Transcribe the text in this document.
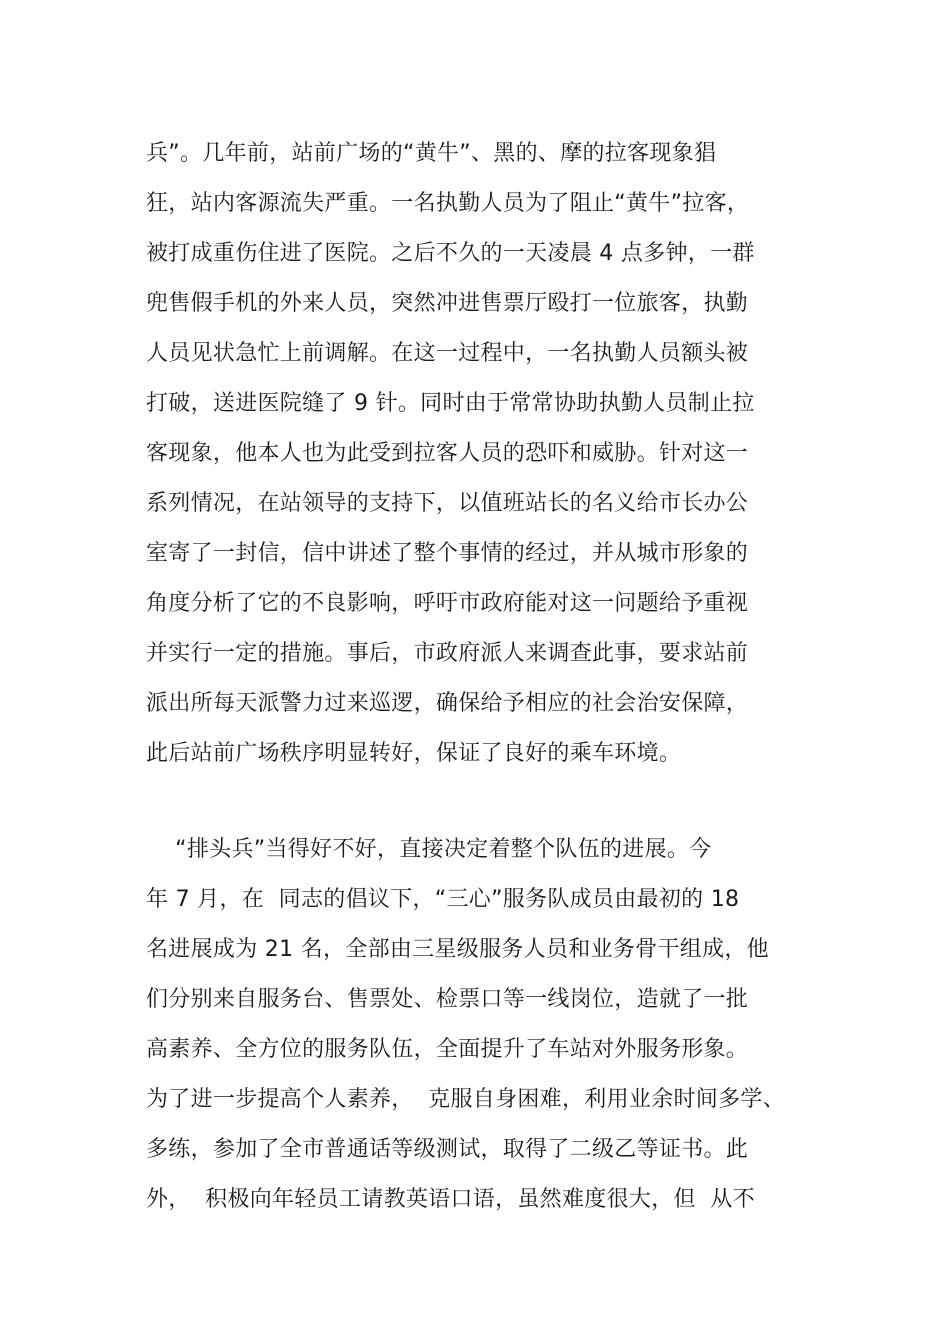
兵”。几年前，站前广场的“黄牛”、黑的、摩的拉客现象猖
狂，站内客源流失严重。一名执勤人员为了阻止“黄牛”拉客，
被打成重伤住进了医院。之后不久的一天凌晨 4 点多钟，一群
兜售假手机的外来人员，突然冲进售票厅殴打一位旅客，执勤
人员见状急忙上前调解。在这一过程中，一名执勤人员额头被
打破，送进医院缝了 9 针。同时由于常常协助执勤人员制止拉
客现象，他本人也为此受到拉客人员的恐吓和威胁。针对这一
系列情况，在站领导的支持下，以值班站长的名义给市长办公
室寄了一封信，信中讲述了整个事情的经过，并从城市形象的
角度分析了它的不良影响，呼吁市政府能对这一问题给予重视
并实行一定的措施。事后，市政府派人来调查此事，要求站前
派出所每天派警力过来巡逻，确保给予相应的社会治安保障，
此后站前广场秩序明显转好，保证了良好的乘车环境。
“排头兵”当得好不好，直接决定着整个队伍的进展。今
年 7 月，在  同志的倡议下，“三心”服务队成员由最初的 18
名进展成为 21 名，全部由三星级服务人员和业务骨干组成，他
们分别来自服务台、售票处、检票口等一线岗位，造就了一批
高素养、全方位的服务队伍，全面提升了车站对外服务形象。
为了进一步提高个人素养，  克服自身困难，利用业余时间多学、
多练，参加了全市普通话等级测试，取得了二级乙等证书。此
外，  积极向年轻员工请教英语口语，虽然难度很大，但  从不
